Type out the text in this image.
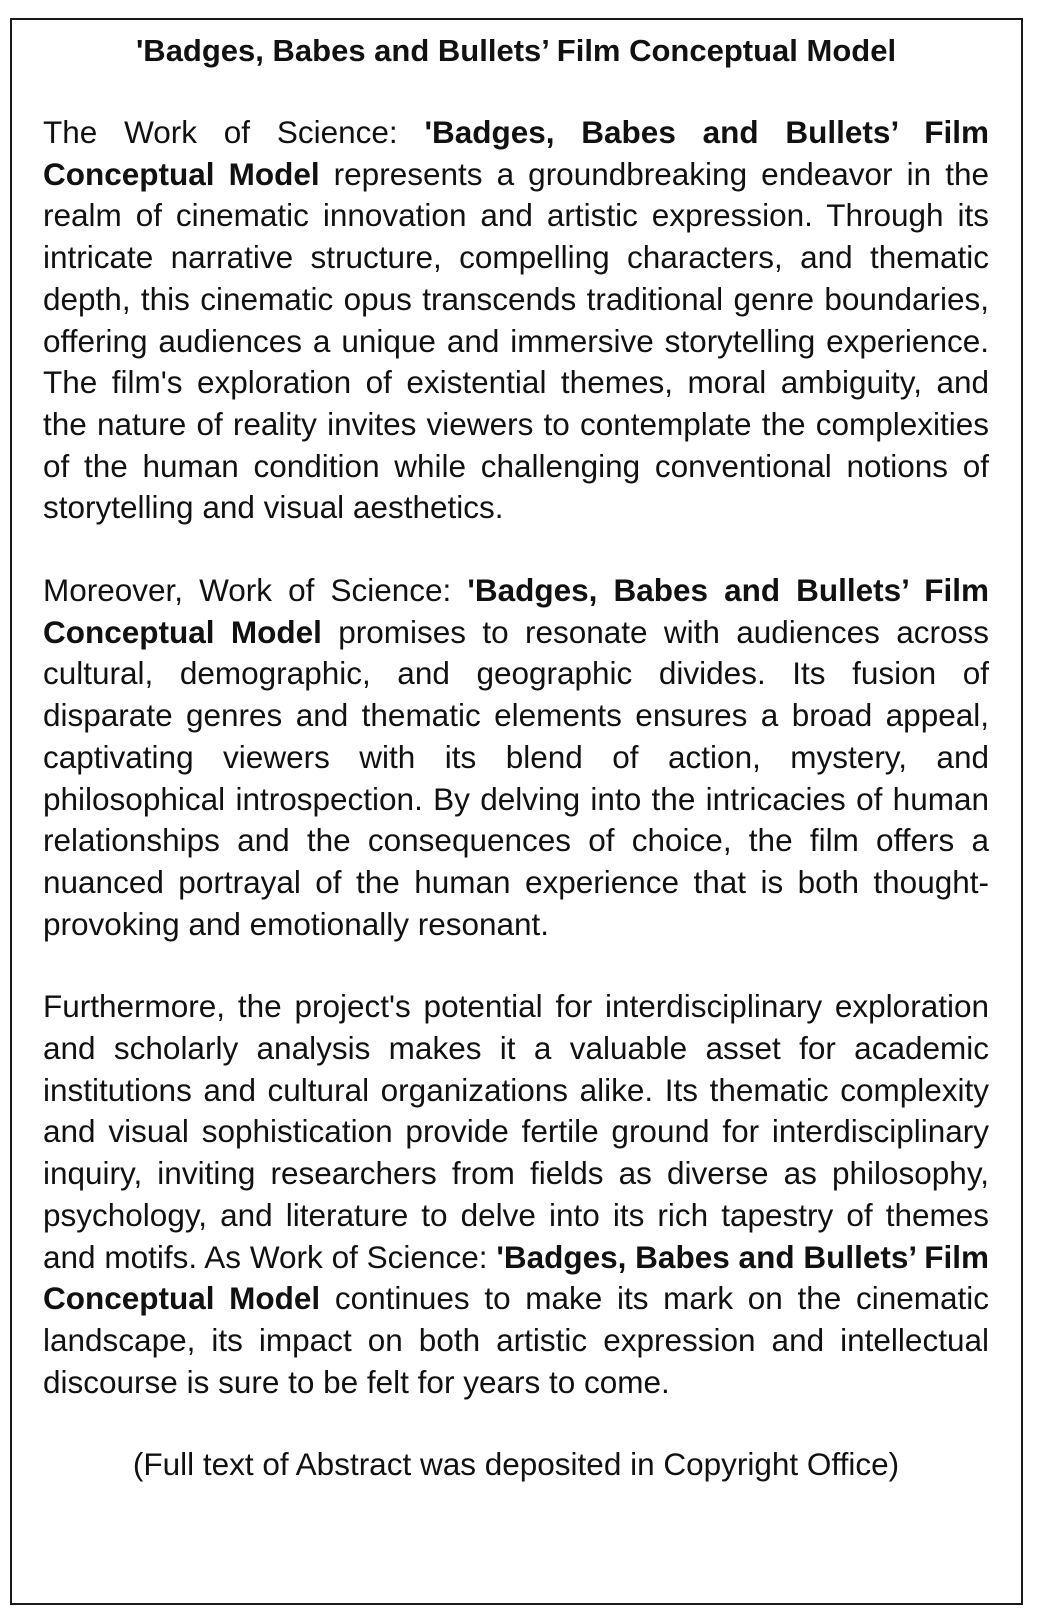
'Badges, Babes and Bullets’ Film Conceptual Model

The Work of Science: 'Badges, Babes and Bullets’ Film Conceptual Model represents a groundbreaking endeavor in the realm of cinematic innovation and artistic expression. Through its intricate narrative structure, compelling characters, and thematic depth, this cinematic opus transcends traditional genre boundaries, offering audiences a unique and immersive storytelling experience. The film's exploration of existential themes, moral ambiguity, and the nature of reality invites viewers to contemplate the complexities of the human condition while challenging conventional notions of storytelling and visual aesthetics.

Moreover, Work of Science: 'Badges, Babes and Bullets’ Film Conceptual Model promises to resonate with audiences across cultural, demographic, and geographic divides. Its fusion of disparate genres and thematic elements ensures a broad appeal, captivating viewers with its blend of action, mystery, and philosophical introspection. By delving into the intricacies of human relationships and the consequences of choice, the film offers a nuanced portrayal of the human experience that is both thought-provoking and emotionally resonant.

Furthermore, the project's potential for interdisciplinary exploration and scholarly analysis makes it a valuable asset for academic institutions and cultural organizations alike. Its thematic complexity and visual sophistication provide fertile ground for interdisciplinary inquiry, inviting researchers from fields as diverse as philosophy, psychology, and literature to delve into its rich tapestry of themes and motifs. As Work of Science: 'Badges, Babes and Bullets’ Film Conceptual Model continues to make its mark on the cinematic landscape, its impact on both artistic expression and intellectual discourse is sure to be felt for years to come.

(Full text of Abstract was deposited in Copyright Office)
